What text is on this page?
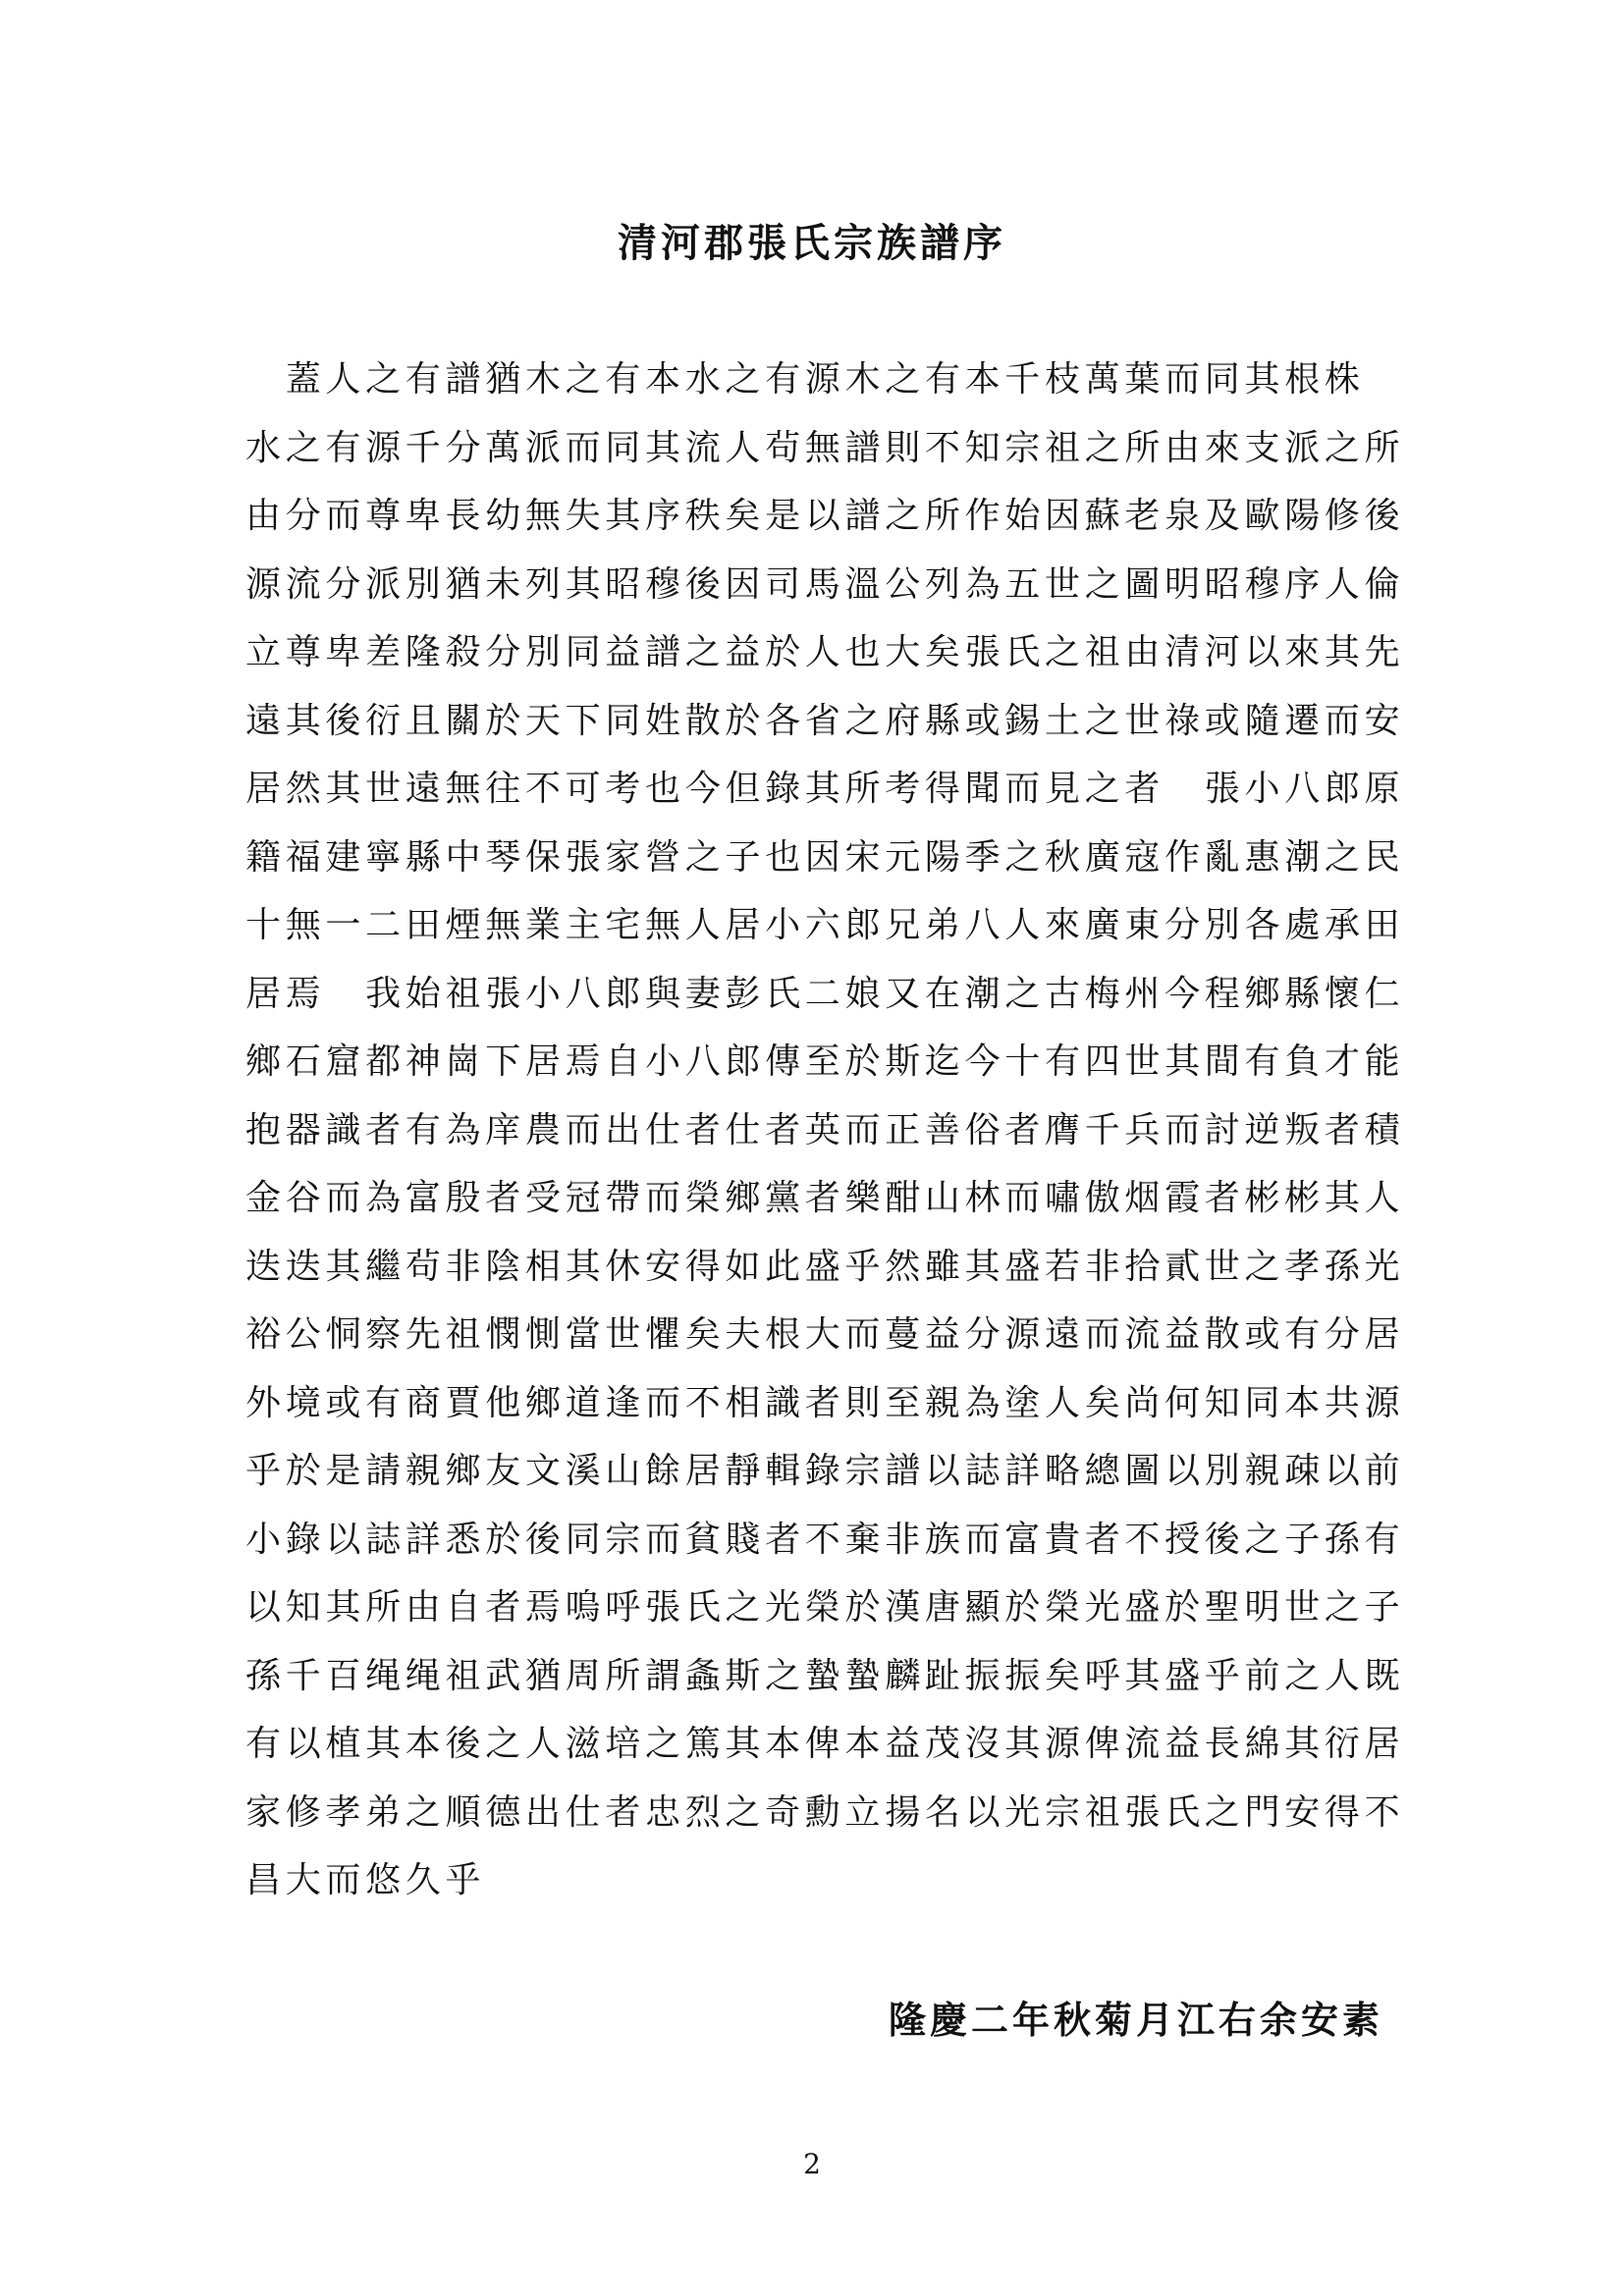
清河郡張氏宗族譜序
　蓋人之有譜猶木之有本水之有源木之有本千枝萬葉而同其根株
水之有源千分萬派而同其流人茍無譜則不知宗祖之所由來支派之所
由分而尊卑長幼無失其序秩矣是以譜之所作始因蘇老泉及歐陽修後
源流分派別猶未列其昭穆後因司馬溫公列為五世之圖明昭穆序人倫
立尊卑差隆殺分別同益譜之益於人也大矣張氏之祖由清河以來其先
遠其後衍且關於天下同姓散於各省之府縣或錫土之世祿或隨遷而安
居然其世遠無往不可考也今但錄其所考得聞而見之者　張小八郎原
籍福建寧縣中琴保張家營之子也因宋元陽季之秋廣寇作亂惠潮之民
十無一二田煙無業主宅無人居小六郎兄弟八人來廣東分別各處承田
居焉　我始祖張小八郎與妻彭氏二娘又在潮之古梅州今程鄉縣懷仁
鄉石窟都神崗下居焉自小八郎傳至於斯迄今十有四世其間有負才能
抱器識者有為庠農而出仕者仕者英而正善俗者膺千兵而討逆叛者積
金谷而為富殷者受冠帶而榮鄉黨者樂酣山林而嘯傲烟霞者彬彬其人
迭迭其繼茍非陰相其休安得如此盛乎然雖其盛若非拾貳世之孝孫光
裕公恫察先祖憫惻當世懼矣夫根大而蔓益分源遠而流益散或有分居
外境或有商賈他鄉道逢而不相識者則至親為塗人矣尚何知同本共源
乎於是請親鄉友文溪山餘居靜輯錄宗譜以誌詳略總圖以別親疎以前
小錄以誌詳悉於後同宗而貧賤者不棄非族而富貴者不授後之子孫有
以知其所由自者焉嗚呼張氏之光榮於漢唐顯於榮光盛於聖明世之子
孫千百绳绳祖武猶周所謂螽斯之蟄蟄麟趾振振矣呼其盛乎前之人既
有以植其本後之人滋培之篤其本俾本益茂沒其源俾流益長綿其衍居
家修孝弟之順德出仕者忠烈之奇勳立揚名以光宗祖張氏之門安得不
昌大而悠久乎

隆慶二年秋菊月江右余安素

2
